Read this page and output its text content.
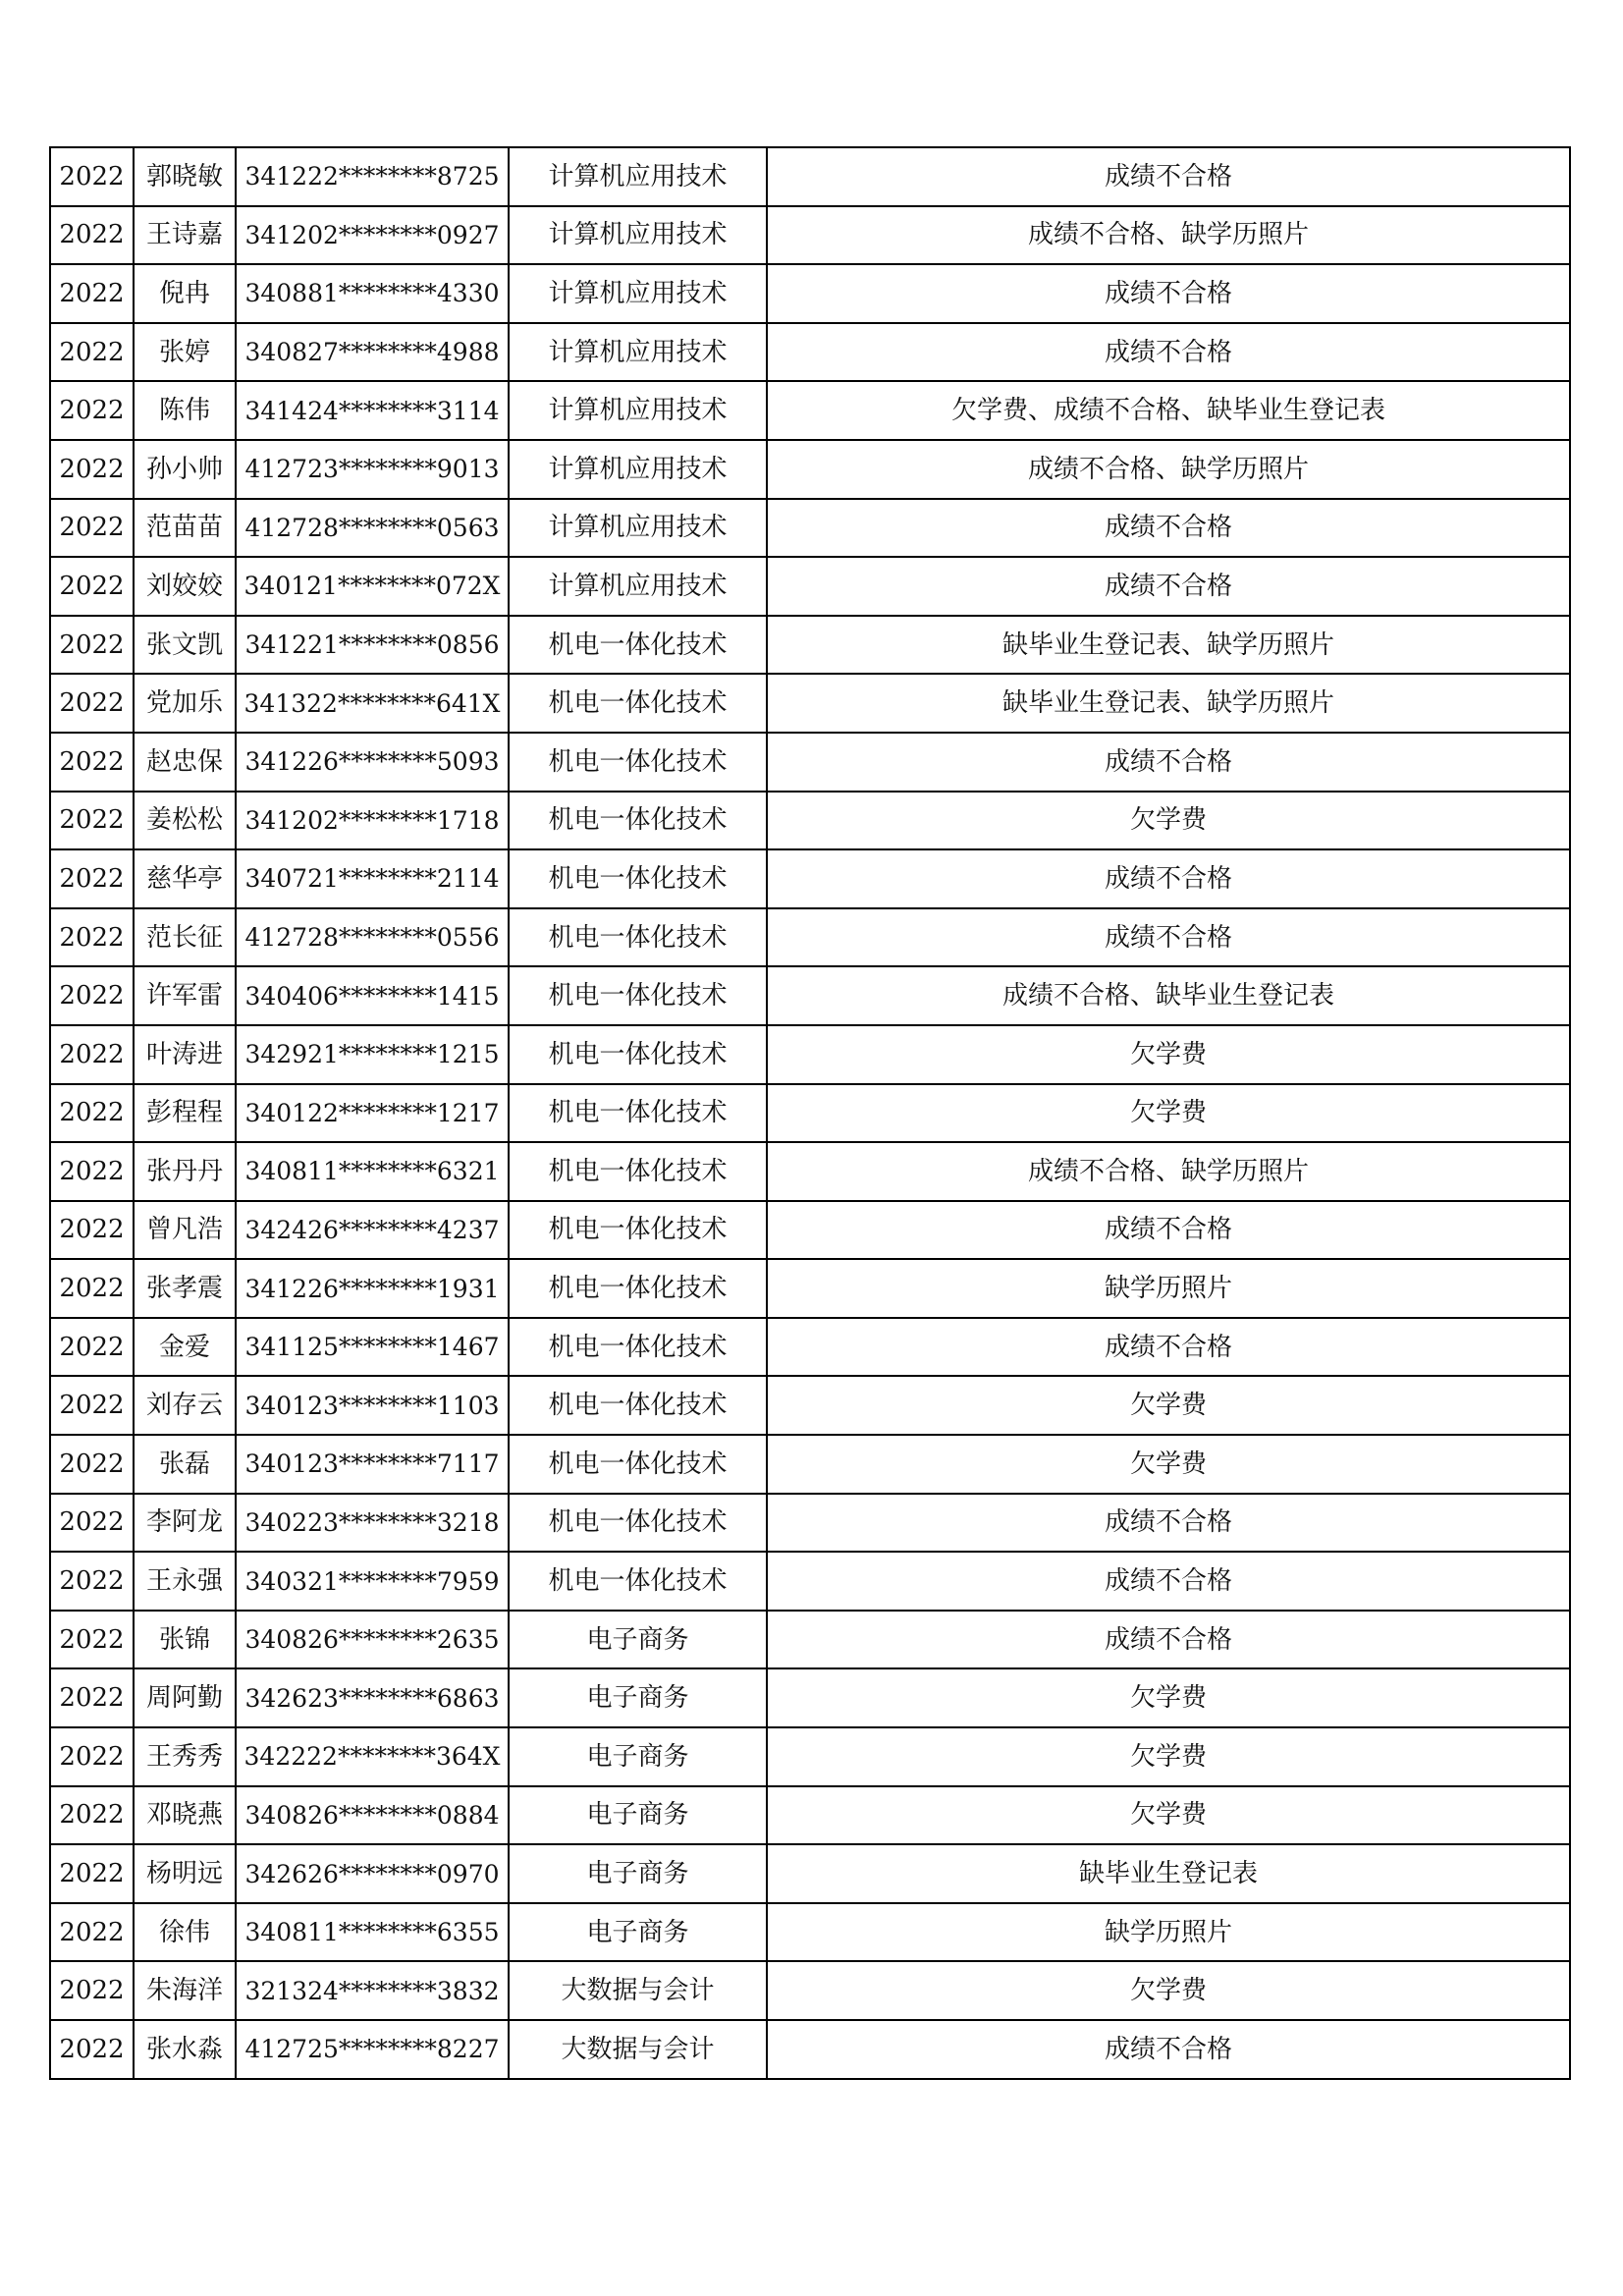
2022	郭晓敏	341222********8725	计算机应用技术	成绩不合格
2022	王诗嘉	341202********0927	计算机应用技术	成绩不合格、缺学历照片
2022	倪冉	340881********4330	计算机应用技术	成绩不合格
2022	张婷	340827********4988	计算机应用技术	成绩不合格
2022	陈伟	341424********3114	计算机应用技术	欠学费、成绩不合格、缺毕业生登记表
2022	孙小帅	412723********9013	计算机应用技术	成绩不合格、缺学历照片
2022	范苗苗	412728********0563	计算机应用技术	成绩不合格
2022	刘姣姣	340121********072X	计算机应用技术	成绩不合格
2022	张文凯	341221********0856	机电一体化技术	缺毕业生登记表、缺学历照片
2022	党加乐	341322********641X	机电一体化技术	缺毕业生登记表、缺学历照片
2022	赵忠保	341226********5093	机电一体化技术	成绩不合格
2022	姜松松	341202********1718	机电一体化技术	欠学费
2022	慈华亭	340721********2114	机电一体化技术	成绩不合格
2022	范长征	412728********0556	机电一体化技术	成绩不合格
2022	许军雷	340406********1415	机电一体化技术	成绩不合格、缺毕业生登记表
2022	叶涛进	342921********1215	机电一体化技术	欠学费
2022	彭程程	340122********1217	机电一体化技术	欠学费
2022	张丹丹	340811********6321	机电一体化技术	成绩不合格、缺学历照片
2022	曾凡浩	342426********4237	机电一体化技术	成绩不合格
2022	张孝震	341226********1931	机电一体化技术	缺学历照片
2022	金爱	341125********1467	机电一体化技术	成绩不合格
2022	刘存云	340123********1103	机电一体化技术	欠学费
2022	张磊	340123********7117	机电一体化技术	欠学费
2022	李阿龙	340223********3218	机电一体化技术	成绩不合格
2022	王永强	340321********7959	机电一体化技术	成绩不合格
2022	张锦	340826********2635	电子商务	成绩不合格
2022	周阿勤	342623********6863	电子商务	欠学费
2022	王秀秀	342222********364X	电子商务	欠学费
2022	邓晓燕	340826********0884	电子商务	欠学费
2022	杨明远	342626********0970	电子商务	缺毕业生登记表
2022	徐伟	340811********6355	电子商务	缺学历照片
2022	朱海洋	321324********3832	大数据与会计	欠学费
2022	张水淼	412725********8227	大数据与会计	成绩不合格
